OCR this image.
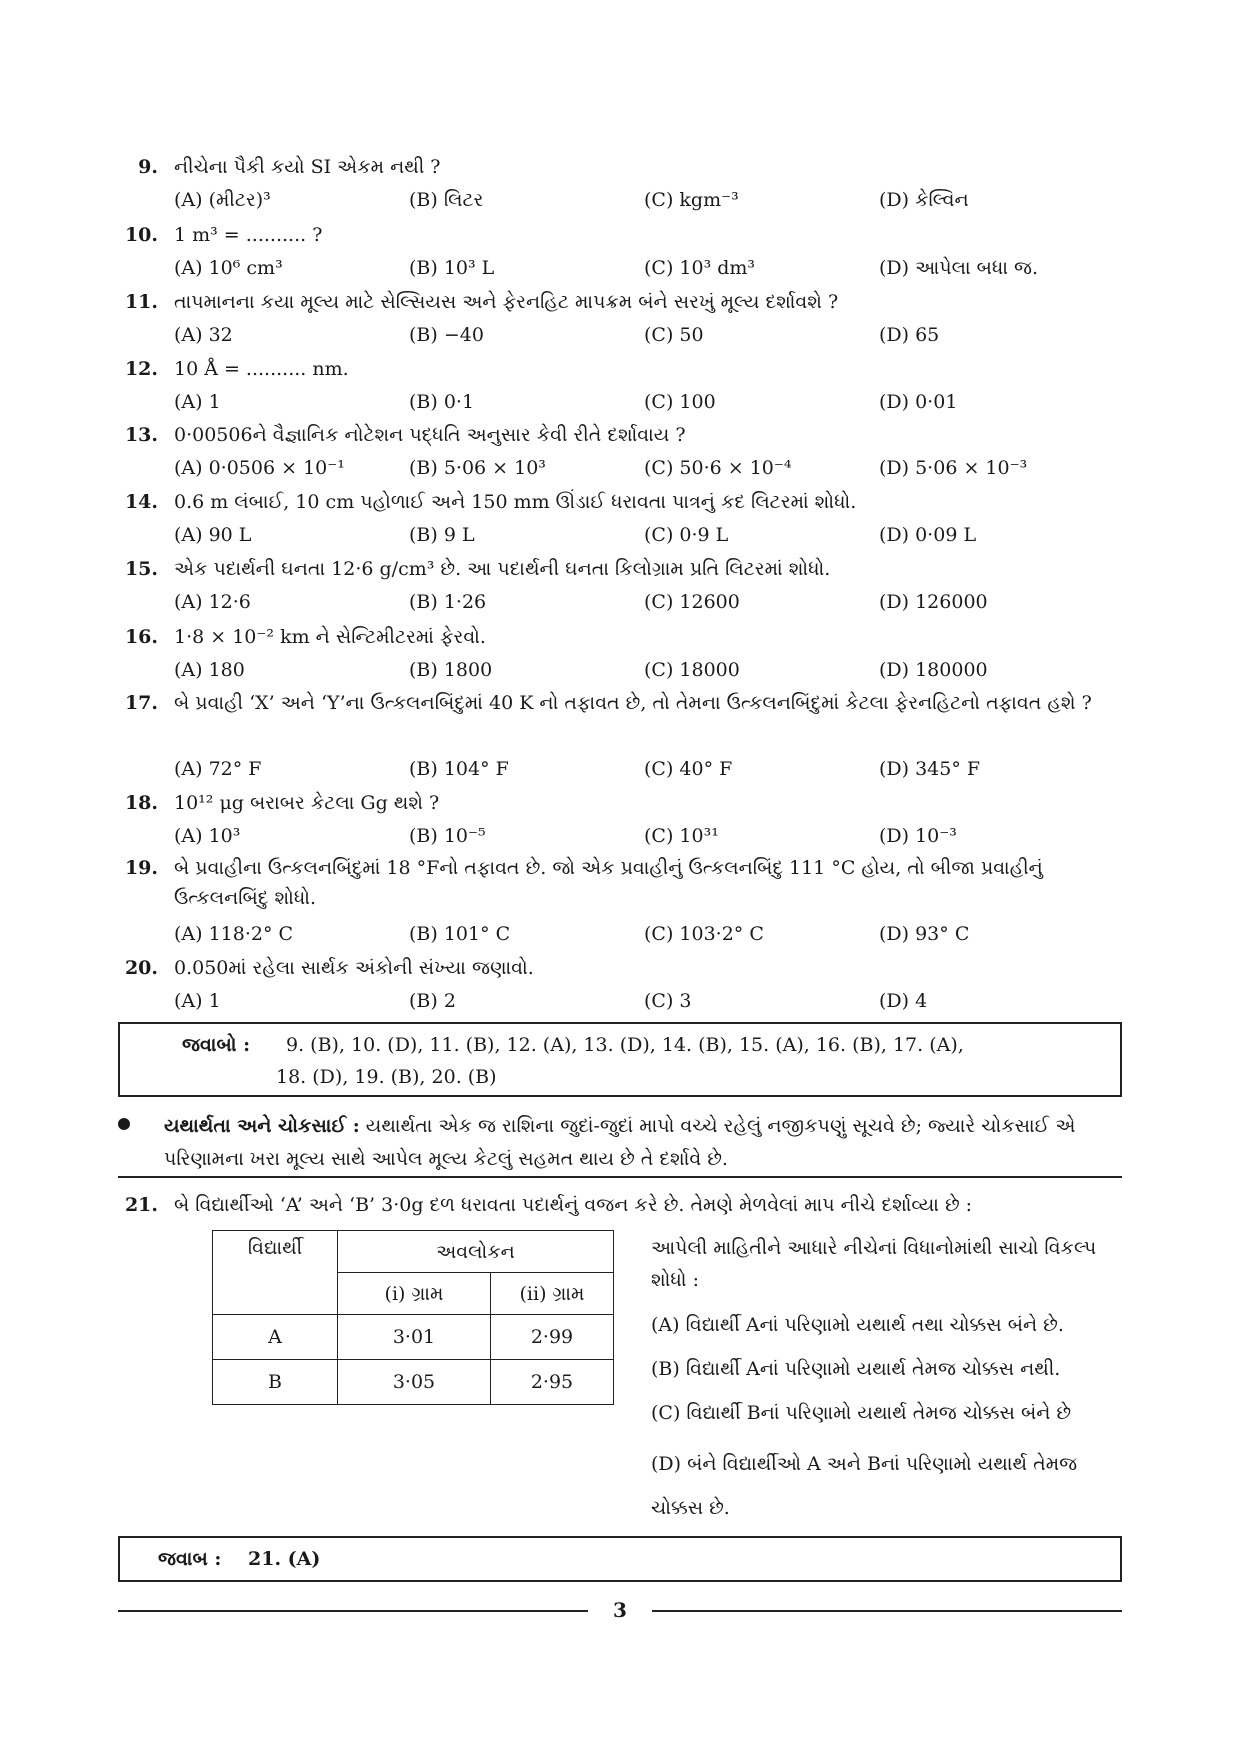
9. નીચેના પૈકી કયો SI એકમ નથી ?
(A) (મીટર)³	(B) લિટર	(C) kgm⁻³	(D) કેલ્વિન
10. 1 m³ = .......... ?
(A) 10⁶ cm³	(B) 10³ L	(C) 10³ dm³	(D) આપેલા બધા જ.
11. તાપમાનના કયા મૂલ્ય માટે સેલ્સિયસ અને ફેરનહિટ માપક્રમ બંને સરખું મૂલ્ય દર્શાવશે ?
(A) 32	(B) −40	(C) 50	(D) 65
12. 10 Å = .......... nm.
(A) 1	(B) 0·1	(C) 100	(D) 0·01
13. 0·00506ને વૈજ્ઞાનિક નોટેશન પદ્ધતિ અનુસાર કેવી રીતે દર્શાવાય ?
(A) 0·0506 × 10⁻¹	(B) 5·06 × 10³	(C) 50·6 × 10⁻⁴	(D) 5·06 × 10⁻³
14. 0.6 m લંબાઈ, 10 cm પહોળાઈ અને 150 mm ઊંડાઈ ધરાવતા પાત્રનું કદ લિટરમાં શોધો.
(A) 90 L	(B) 9 L	(C) 0·9 L	(D) 0·09 L
15. એક પદાર્થની ઘનતા 12·6 g/cm³ છે. આ પદાર્થની ઘનતા કિલોગ્રામ પ્રતિ લિટરમાં શોધો.
(A) 12·6	(B) 1·26	(C) 12600	(D) 126000
16. 1·8 × 10⁻² km ને સેન્ટિમીટરમાં ફેરવો.
(A) 180	(B) 1800	(C) 18000	(D) 180000
17. બે પ્રવાહી ‘X’ અને ‘Y’ના ઉત્કલનબિંદુમાં 40 K નો તફાવત છે, તો તેમના ઉત્કલનબિંદુમાં કેટલા ફેરનહિટનો તફાવત હશે ?
(A) 72° F	(B) 104° F	(C) 40° F	(D) 345° F
18. 10¹² μg બરાબર કેટલા Gg થશે ?
(A) 10³	(B) 10⁻⁵	(C) 10³¹	(D) 10⁻³
19. બે પ્રવાહીના ઉત્કલનબિંદુમાં 18 °Fનો તફાવત છે. જો એક પ્રવાહીનું ઉત્કલનબિંદુ 111 °C હોય, તો બીજા પ્રવાહીનું ઉત્કલનબિંદુ શોધો.
(A) 118·2° C	(B) 101° C	(C) 103·2° C	(D) 93° C
20. 0.050માં રહેલા સાર્થક અંકોની સંખ્યા જણાવો.
(A) 1	(B) 2	(C) 3	(D) 4
જવાબો : 9. (B), 10. (D), 11. (B), 12. (A), 13. (D), 14. (B), 15. (A), 16. (B), 17. (A),
18. (D), 19. (B), 20. (B)
યથાર્થતા અને ચોકસાઈ : યથાર્થતા એક જ રાશિના જુદાં-જુદાં માપો વચ્ચે રહેલું નજીકપણું સૂચવે છે; જ્યારે ચોકસાઈ એ પરિણામના ખરા મૂલ્ય સાથે આપેલ મૂલ્ય કેટલું સહમત થાય છે તે દર્શાવે છે.
21. બે વિદ્યાર્થીઓ ‘A’ અને ‘B’ 3·0g દળ ધરાવતા પદાર્થનું વજન કરે છે. તેમણે મેળવેલાં માપ નીચે દર્શાવ્યા છે :
વિદ્યાર્થી	અવલોકન	
	(i) ગ્રામ	(ii) ગ્રામ
A	3·01	2·99
B	3·05	2·95
આપેલી માહિતીને આધારે નીચેનાં વિધાનોમાંથી સાચો વિકલ્પ શોધો :
(A) વિદ્યાર્થી Aનાં પરિણામો યથાર્થ તથા ચોક્કસ બંને છે.
(B) વિદ્યાર્થી Aનાં પરિણામો યથાર્થ તેમજ ચોક્કસ નથી.
(C) વિદ્યાર્થી Bનાં પરિણામો યથાર્થ તેમજ ચોક્કસ બંને છે
(D) બંને વિદ્યાર્થીઓ A અને Bનાં પરિણામો યથાર્થ તેમજ ચોક્કસ છે.
જવાબ : 21. (A)
3
